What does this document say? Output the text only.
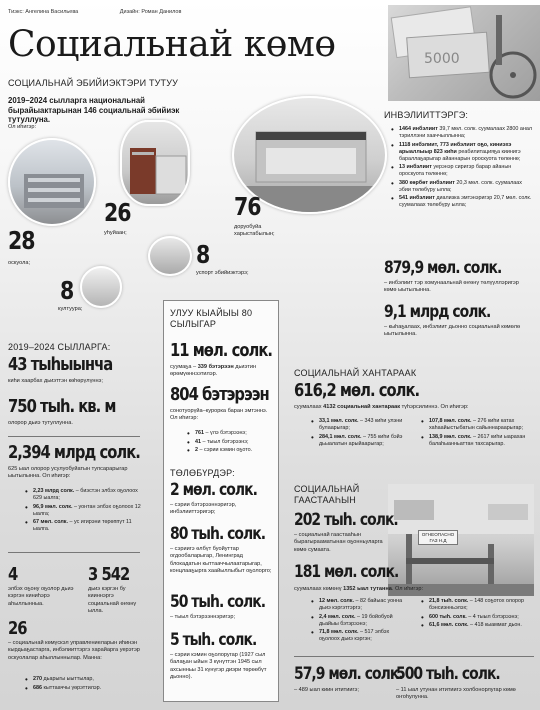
Тиэкс: Ангелина Васильева	Дизайн: Роман Данилов
Социальнай көмө	5000
СОЦИАЛЬНАЙ ЭБИЙИЭКТЭРИ ТУТУУ
2019–2024 сылларга национальнай бырайыактарынан 146 социальнай эбийиэк тутуллуна.
Ол иһигэр:
28
оскуола;
26
уһуйаан;
76
доруобуйа харыстабылын;
8
успорт эбийиэктэрэ;
8
култуура;
ИНВЭЛИИТТЭРГЭ:
• 1464 инбэлиит 39,7 мөл. солк. суумалаах 2800 анал тэриллэни хааччыллынна;
• 1118 инбэлиит, 773 инбэлиит оҕо, киниэхэ арыаллыыр 823 киһи реабилитацияҕа киинигэ бараллаҕарыгар айаннарын ороскуота төлөннө;
• 13 инбэлиит уерэнэр сиригэр барар айанын ороскуота төлөннө;
• 380 көрбөт инбэлиит 20,3 мөл. солк. суумалаах эбии төлөбүру ылла;
• 541 инбэлиит диализка эмтэнэригэр 20,7 мөл. солк. суумалаах төлөбүру ылла;
879,9 мөл. солк.
– инбэлиит тэр хомунаальнай өҥөнү төлүүллэригэр көмө ыытылынна.
9,1 млрд солк.
– кыһаҕалаах, инбэлиит дьонно социальнай көмөлө ыытылынна.
2019–2024 СЫЛЛАРГА:
43 тыһыынча
киһи хаарбах дьиэттэн көһөрүлүннэ;
750 тыһ. кв. м
олорор дьиэ тутуллунна.
2,394 млрд солк.
625 ыал олорор усулуобуйатын тупсарарыгар ыытылынна. Ол иһигэр:
• 2,23 млрд солк. – биэстэн элбэх оҕолоох 629 ыалга;
• 96,9 мөл. солк. – уонтан элбэх оҕолоох 12 ыалга;
• 67 мөл. солк. – ус игирэни төрөппүт 11 ыалга.
4
элбэх оҕону оҕолор дьиэ кэргэн киниһэрэ аһыллынныа.
3 542
дьиэ кэргэн бу кииннэргэ социальнай өҥөнү ылла.
26
– социальнай көмүскэл управлениеларын иһинэн кырдьаҕастарга, инбэлииттэргэ харайарга уерэтэр оскуолалар аһыллыннылар. Манна:
• 270 дьарыгы ыыттылар,
• 686 кыттааччы үөрэттилэр.
УЛУУ КЫАЙЫЫ 80 СЫЛЫГАР
11 мөл. солк.
суумаҕа – 339 бэтэрээн дьиэтин өрөмүөннээтилэр.
804 бэтэрээн
сонотуорүйа–курорка баран эмтэннэ. Ол иһигэр:
• 761 – үлэ бэтэрээнэ;
• 41 – тыыл бэтэрээнэ;
• 2 – сэрии кэмин оҕото.
ТӨЛӨБҮРДЭР:
2 мөл. солк.
– сэрии бэтэрээннэригэр, инбэлииттэригэр;
80 тыһ. солк.
– сэриигэ өлбүт буойуттар огдообаларыгар, Ленинград блокадатын кыттааччылаатарыгар, концлааҕырга хаайыллыбыт оҕолорго;
50 тыһ. солк.
– тыыл бэтэрээннэригэр;
5 тыһ. солк.
– сэрии кэмин оҕолоругар (1927 сыл балаҕан ыйын 3 күнүттэн 1945 сыл ахсынньы 31 күнүгэр диэри төрөөбүт дьонно).
СОЦИАЛЬНАЙ ХАНТАРААК
616,2 мөл. солк.
суумалаах 4132 социальнай хантараак түһэрсилиннэ. Ол иһигэр:
• 33,1 мөл. солк. – 343 киһи улэни булаарыгар;
• 284,1 мөл. солк. – 755 киһи бэйэ дьыалатын арыйаарыгар;
• 107,8 мөл. солк. – 276 киһи катах хаһаайыстыбатын сайыннараарыгар;
• 138,9 мөл. солк. – 2617 киһи ыарахан балаһыанньаттан тахсарыгар.
СОЦИАЛЬНАЙ ГААСТААҺЫН
ОГНЕОПАСНО ГАЗ Н.Д
202 тыһ. солк.
– социальнай гаастааһын бырагырааматынан оҕонньуларга көмө сумаата.
181 мөл. солк.
суумалаах көмөнү 1352 ыал тутанна. Ол иһигэр:
• 12 мөл. солк. – 82 байыас уонна дьиэ кэргэттэргэ;
• 2,4 мөл. солк. – 19 бойобуой дьайыы бэтэрээнэ;
• 71,8 мөл. солк. – 517 элбэх оҕолоох дьиэ кэргэн;
• 21,8 тыһ. солк. – 148 соҕотох олорор бэнсиэнньэлэх;
• 600 тыһ. солк. – 4 тыыл бэтэрээнэ;
• 61,6 мөл. солк. – 418 кыаммат дьон.
57,9 мөл. солк.
– 489 ыал киин ититиигэ;
500 тыһ. солк.
– 11 ыал утунан ититиигэ холбонорлугар көмө оҥоһулунна.
